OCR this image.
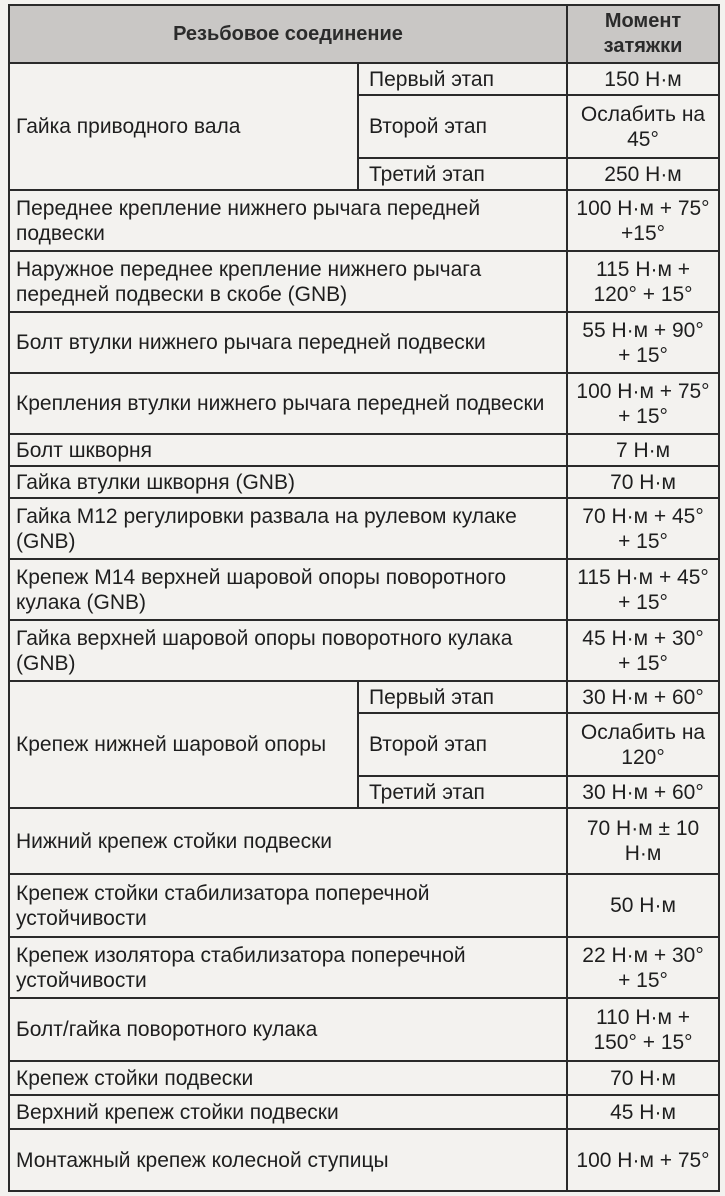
Резьбовое соединение		Момент затяжки
Гайка приводного вала	Первый этап	150 Н·м
	Второй этап	Ослабить на 45°
	Третий этап	250 Н·м
Переднее крепление нижнего рычага передней подвески		100 Н·м + 75°+15°
Наружное переднее крепление нижнего рычага передней подвески в скобе (GNB)		115 Н·м + 120° + 15°
Болт втулки нижнего рычага передней подвески		55 Н·м + 90° + 15°
Крепления втулки нижнего рычага передней подвески		100 Н·м + 75° + 15°
Болт шкворня		7 Н·м
Гайка втулки шкворня (GNB)		70 Н·м
Гайка М12 регулировки развала на рулевом кулаке (GNB)		70 Н·м + 45° + 15°
Крепеж М14 верхней шаровой опоры поворотного кулака (GNB)		115 Н·м + 45° + 15°
Гайка верхней шаровой опоры поворотного кулака (GNB)		45 Н·м + 30° + 15°
Крепеж нижней шаровой опоры	Первый этап	30 Н·м + 60°
	Второй этап	Ослабить на 120°
	Третий этап	30 Н·м + 60°
Нижний крепеж стойки подвески		70 Н·м ± 10 Н·м
Крепеж стойки стабилизатора поперечной устойчивости		50 Н·м
Крепеж изолятора стабилизатора поперечной устойчивости		22 Н·м + 30° + 15°
Болт/гайка поворотного кулака		110 Н·м + 150° + 15°
Крепеж стойки подвески		70 Н·м
Верхний крепеж стойки подвески		45 Н·м
Монтажный крепеж колесной ступицы		100 Н·м + 75°
